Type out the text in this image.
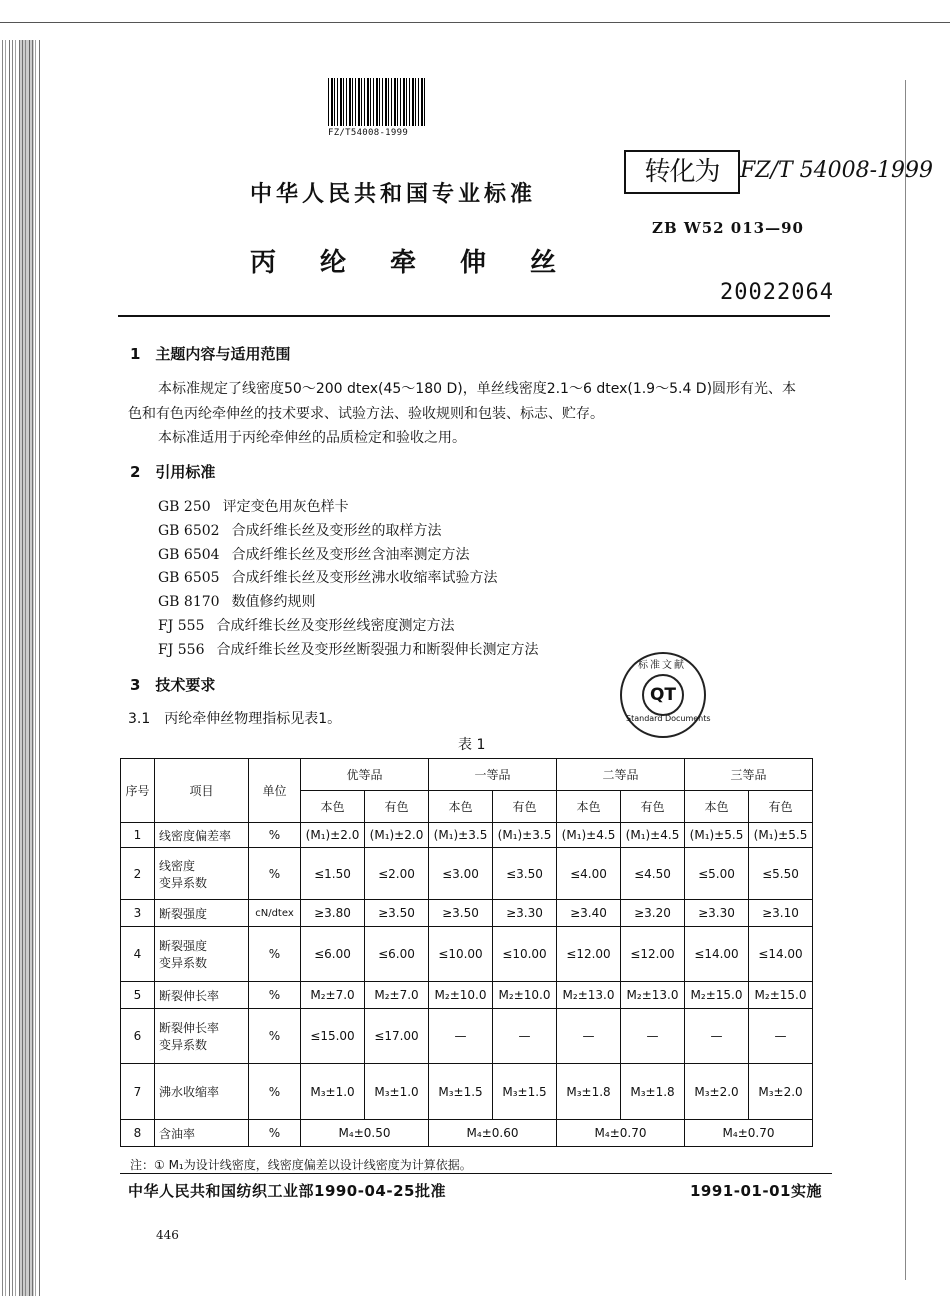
FZ/T54008-1999
中华人民共和国专业标准
丙纶牵伸丝
转化为 FZ/T 54008-1999
ZB W52 013—90
20022064
1　主题内容与适用范围
本标准规定了线密度50～200 dtex(45～180 D)，单丝线密度2.1～6 dtex(1.9～5.4 D)圆形有光、本
色和有色丙纶牵伸丝的技术要求、试验方法、验收规则和包装、标志、贮存。
本标准适用于丙纶牵伸丝的品质检定和验收之用。
2　引用标准
GB 250 评定变色用灰色样卡
GB 6502 合成纤维长丝及变形丝的取样方法
GB 6504 合成纤维长丝及变形丝含油率测定方法
GB 6505 合成纤维长丝及变形丝沸水收缩率试验方法
GB 8170 数值修约规则
FJ 555 合成纤维长丝及变形丝线密度测定方法
FJ 556 合成纤维长丝及变形丝断裂强力和断裂伸长测定方法
3　技术要求
3.1　丙纶牵伸丝物理指标见表1。
标准文献
QT
Standard Documents
表 1
序号	项目	单位	优等品		一等品		二等品		三等品	
			本色	有色	本色	有色	本色	有色	本色	有色
1	线密度偏差率	%	(M₁)±2.0	(M₁)±2.0	(M₁)±3.5	(M₁)±3.5	(M₁)±4.5	(M₁)±4.5	(M₁)±5.5	(M₁)±5.5
2	线密度
变异系数	%	≤1.50	≤2.00	≤3.00	≤3.50	≤4.00	≤4.50	≤5.00	≤5.50
3	断裂强度	cN/dtex	≥3.80	≥3.50	≥3.50	≥3.30	≥3.40	≥3.20	≥3.30	≥3.10
4	断裂强度
变异系数	%	≤6.00	≤6.00	≤10.00	≤10.00	≤12.00	≤12.00	≤14.00	≤14.00
5	断裂伸长率	%	M₂±7.0	M₂±7.0	M₂±10.0	M₂±10.0	M₂±13.0	M₂±13.0	M₂±15.0	M₂±15.0
6	断裂伸长率
变异系数	%	≤15.00	≤17.00	—	—	—	—	—	—
7	沸水收缩率	%	M₃±1.0	M₃±1.0	M₃±1.5	M₃±1.5	M₃±1.8	M₃±1.8	M₃±2.0	M₃±2.0
8	含油率	%	M₄±0.50		M₄±0.60		M₄±0.70		M₄±0.70	
注：① M₁为设计线密度，线密度偏差以设计线密度为计算依据。
中华人民共和国纺织工业部1990-04-25批准	1991-01-01实施
446
